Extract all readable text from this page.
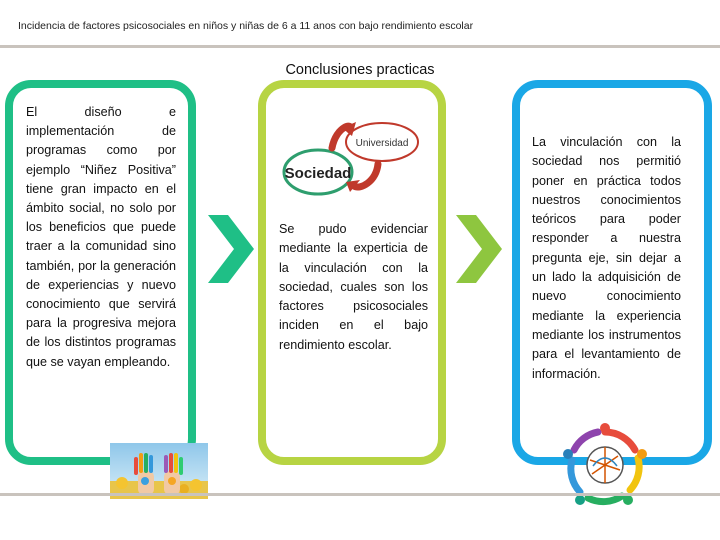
Incidencia de factores psicosociales en niños y niñas de 6 a 11 anos con bajo rendimiento escolar
Conclusiones practicas
El diseño e implementación de programas como por ejemplo “Niñez Positiva” tiene gran impacto en el ámbito social, no solo por los beneficios que puede traer a la comunidad sino también, por la generación de experiencias y nuevo conocimiento que servirá para la progresiva mejora de los distintos programas que se vayan empleando.
Universidad
Sociedad
Se pudo evidenciar mediante la experticia de la vinculación con la sociedad, cuales son los factores psicosociales inciden en el bajo rendimiento escolar.
La vinculación con la sociedad nos permitió poner en práctica todos nuestros conocimientos teóricos para poder responder a nuestra pregunta eje, sin dejar a un lado la adquisición de nuevo conocimiento mediante la experiencia mediante los instrumentos para el levantamiento de información.
